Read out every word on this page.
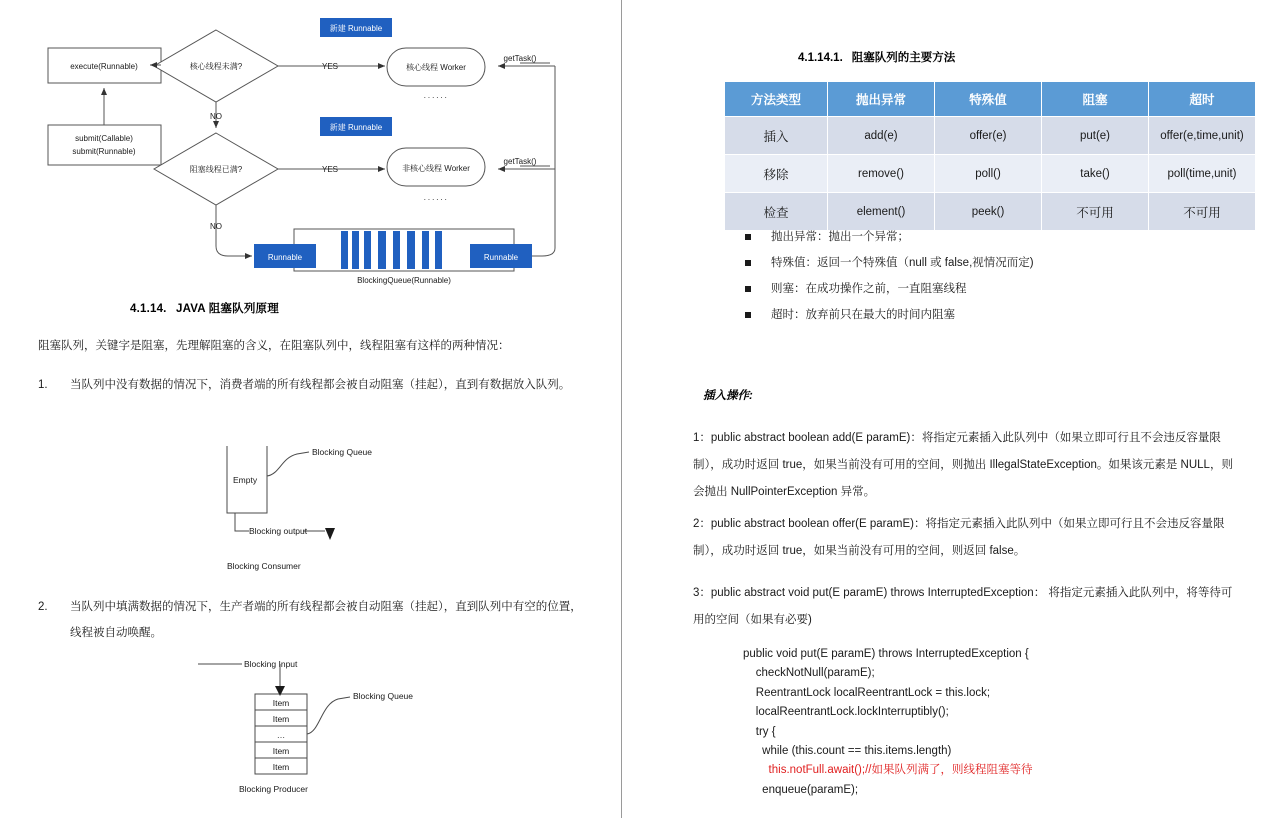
execute(Runnable)
submit(Callable)
submit(Runnable)
核心线程未满?
阻塞线程已满?
新建 Runnable
新建 Runnable
核心线程 Worker
非核心线程 Worker
······
······
YES
YES
NO
NO
getTask()
getTask()
Runnable	Runnable
BlockingQueue(Runnable)
4.1.14. JAVA 阻塞队列原理
阻塞队列，关键字是阻塞，先理解阻塞的含义，在阻塞队列中，线程阻塞有这样的两种情况：
1.	当队列中没有数据的情况下，消费者端的所有线程都会被自动阻塞（挂起），直到有数据放入队列。
Empty
Blocking Queue
Blocking output
Blocking Consumer
2.	当队列中填满数据的情况下，生产者端的所有线程都会被自动阻塞（挂起），直到队列中有空的位置，线程被自动唤醒。
Blocking Input
Blocking Queue
Item
Item
…
Item
Item
Blocking Producer
4.1.14.1. 阻塞队列的主要方法
方法类型	抛出异常	特殊值	阻塞	超时
插入	add(e)	offer(e)	put(e)	offer(e,time,unit)
移除	remove()	poll()	take()	poll(time,unit)
检查	element()	peek()	不可用	不可用
抛出异常：抛出一个异常；
特殊值：返回一个特殊值（null 或 false,视情况而定)
则塞：在成功操作之前，一直阻塞线程
超时：放弃前只在最大的时间内阻塞
插入操作:
1：public abstract boolean add(E paramE)：将指定元素插入此队列中（如果立即可行且不会违反容量限制），成功时返回 true，如果当前没有可用的空间，则抛出 IllegalStateException。如果该元素是 NULL，则会抛出 NullPointerException 异常。
2：public abstract boolean offer(E paramE)：将指定元素插入此队列中（如果立即可行且不会违反容量限制），成功时返回 true，如果当前没有可用的空间，则返回 false。
3：public abstract void put(E paramE) throws InterruptedException： 将指定元素插入此队列中，将等待可用的空间（如果有必要)
public void put(E paramE) throws InterruptedException {
checkNotNull(paramE);
ReentrantLock localReentrantLock = this.lock;
localReentrantLock.lockInterruptibly();
try {
while (this.count == this.items.length)
this.notFull.await();//如果队列满了，则线程阻塞等待
enqueue(paramE);
